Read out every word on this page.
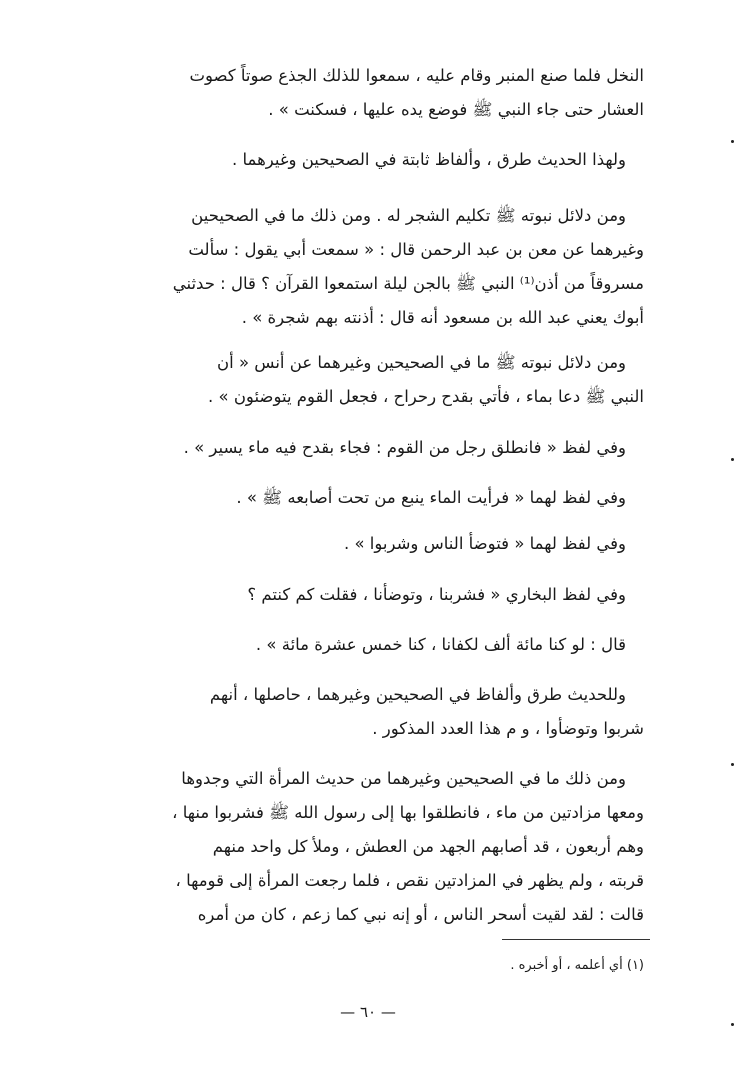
النخل فلما صنع المنبر وقام عليه ، سمعوا للذلك الجذع صوتاً كصوت
العشار حتى جاء النبي ﷺ فوضع يده عليها ، فسكنت » .
ولهذا الحديث طرق ، وألفاظ ثابتة في الصحيحين وغيرهما .
ومن دلائل نبوته ﷺ تكليم الشجر له . ومن ذلك ما في الصحيحين
وغيرهما عن معن بن عبد الرحمن قال : « سمعت أبي يقول : سألت
مسروقاً من أذن⁽¹⁾ النبي ﷺ بالجن ليلة استمعوا القرآن ؟ قال : حدثني
أبوك يعني عبد الله بن مسعود أنه قال : أذنته بهم شجرة » .
ومن دلائل نبوته ﷺ ما في الصحيحين وغيرهما عن أنس « أن
النبي ﷺ دعا بماء ، فأتي بقدح رحراح ، فجعل القوم يتوضئون » .
وفي لفظ « فانطلق رجل من القوم : فجاء بقدح فيه ماء يسير » .
وفي لفظ لهما « فرأيت الماء ينبع من تحت أصابعه ﷺ » .
وفي لفظ لهما « فتوضأ الناس وشربوا » .
وفي لفظ البخاري « فشربنا ، وتوضأنا ، فقلت كم كنتم ؟
قال : لو كنا مائة ألف لكفانا ، كنا خمس عشرة مائة » .
وللحديث طرق وألفاظ في الصحيحين وغيرهما ، حاصلها ، أنهم
شربوا وتوضأوا ، و م هذا العدد المذكور .
ومن ذلك ما في الصحيحين وغيرهما من حديث المرأة التي وجدوها
ومعها مزادتين من ماء ، فانطلقوا بها إلى رسول الله ﷺ فشربوا منها ،
وهم أربعون ، قد أصابهم الجهد من العطش ، وملأ كل واحد منهم
قربته ، ولم يظهر في المزادتين نقص ، فلما رجعت المرأة إلى قومها ،
قالت : لقد لقيت أسحر الناس ، أو إنه نبي كما زعم ، كان من أمره
(١) أي أعلمه ، أو أخبره .
— ٦٠ —
